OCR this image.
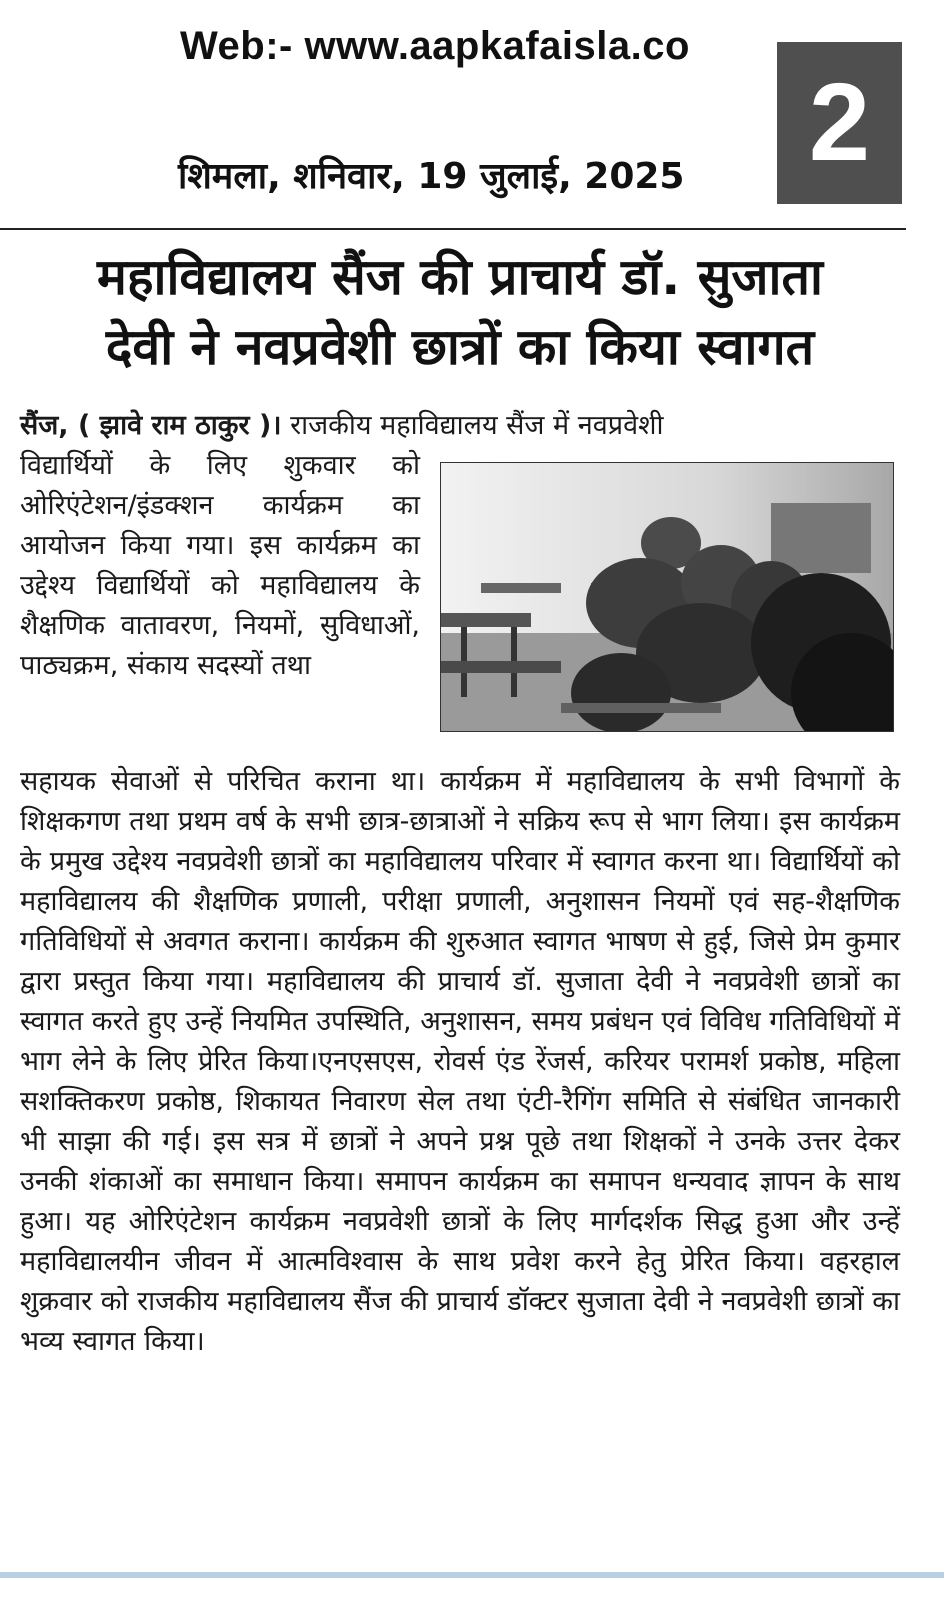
Web:- www.aapkafaisla.co
2
शिमला, शनिवार, 19 जुलाई, 2025
महाविद्यालय सैंज की प्राचार्य डॉ. सुजाता
देवी ने नवप्रवेशी छात्रों का किया स्वागत
सैंज, ( झावे राम ठाकुर )। राजकीय महाविद्यालय सैंज में नवप्रवेशी
विद्यार्थियों के लिए शुकवार को ओरिएंटेशन/इंडक्शन कार्यक्रम का आयोजन किया गया। इस कार्यक्रम का उद्देश्य विद्यार्थियों को महाविद्यालय के शैक्षणिक वातावरण, नियमों, सुविधाओं, पाठ्यक्रम, संकाय सदस्यों तथा
सहायक सेवाओं से परिचित कराना था। कार्यक्रम में महाविद्यालय के सभी विभागों के शिक्षकगण तथा प्रथम वर्ष के सभी छात्र-छात्राओं ने सक्रिय रूप से भाग लिया। इस कार्यक्रम के प्रमुख उद्देश्य नवप्रवेशी छात्रों का महाविद्यालय परिवार में स्वागत करना था। विद्यार्थियों को महाविद्यालय की शैक्षणिक प्रणाली, परीक्षा प्रणाली, अनुशासन नियमों एवं सह-शैक्षणिक गतिविधियों से अवगत कराना। कार्यक्रम की शुरुआत स्वागत भाषण से हुई, जिसे प्रेम कुमार द्वारा प्रस्तुत किया गया। महाविद्यालय की प्राचार्य डॉ. सुजाता देवी ने नवप्रवेशी छात्रों का स्वागत करते हुए उन्हें नियमित उपस्थिति, अनुशासन, समय प्रबंधन एवं विविध गतिविधियों में भाग लेने के लिए प्रेरित किया।एनएसएस, रोवर्स एंड रेंजर्स, करियर परामर्श प्रकोष्ठ, महिला सशक्तिकरण प्रकोष्ठ, शिकायत निवारण सेल तथा एंटी-रैगिंग समिति से संबंधित जानकारी भी साझा की गई। इस सत्र में छात्रों ने अपने प्रश्न पूछे तथा शिक्षकों ने उनके उत्तर देकर उनकी शंकाओं का समाधान किया। समापन कार्यक्रम का समापन धन्यवाद ज्ञापन के साथ हुआ। यह ओरिएंटेशन कार्यक्रम नवप्रवेशी छात्रों के लिए मार्गदर्शक सिद्ध हुआ और उन्हें महाविद्यालयीन जीवन में आत्मविश्वास के साथ प्रवेश करने हेतु प्रेरित किया। वहरहाल शुक्रवार को राजकीय महाविद्यालय सैंज की प्राचार्य डॉक्टर सुजाता देवी ने नवप्रवेशी छात्रों का भव्य स्वागत किया।
